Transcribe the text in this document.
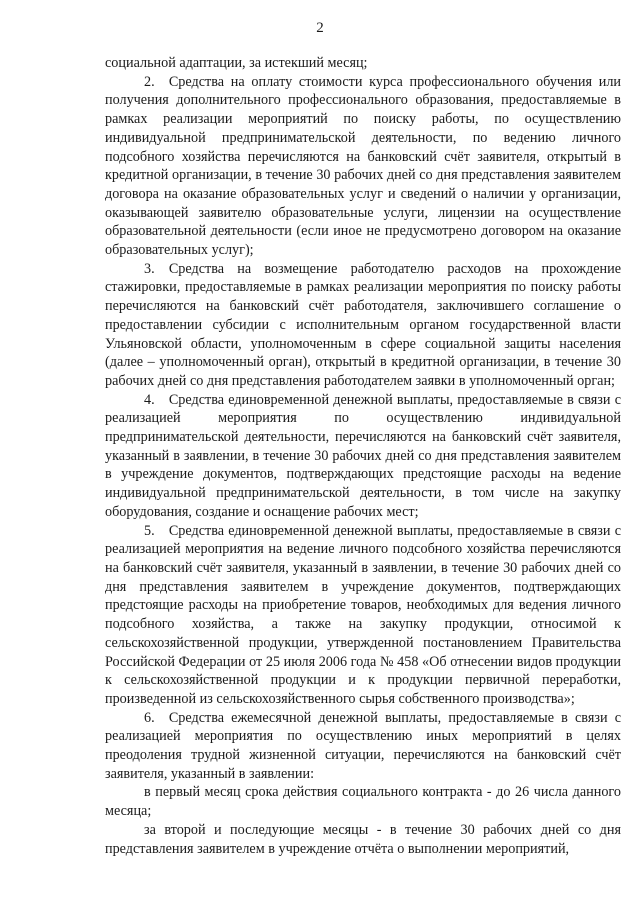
2

социальной адаптации, за истекший месяц;

2. Средства на оплату стоимости курса профессионального обучения или получения дополнительного профессионального образования, предоставляемые в рамках реализации мероприятий по поиску работы, по осуществлению индивидуальной предпринимательской деятельности, по ведению личного подсобного хозяйства перечисляются на банковский счёт заявителя, открытый в кредитной организации, в течение 30 рабочих дней со дня представления заявителем договора на оказание образовательных услуг и сведений о наличии у организации, оказывающей заявителю образовательные услуги, лицензии на осуществление образовательной деятельности (если иное не предусмотрено договором на оказание образовательных услуг);

3. Средства на возмещение работодателю расходов на прохождение стажировки, предоставляемые в рамках реализации мероприятия по поиску работы перечисляются на банковский счёт работодателя, заключившего соглашение о предоставлении субсидии с исполнительным органом государственной власти Ульяновской области, уполномоченным в сфере социальной защиты населения (далее – уполномоченный орган), открытый в кредитной организации, в течение 30 рабочих дней со дня представления работодателем заявки в уполномоченный орган;

4. Средства единовременной денежной выплаты, предоставляемые в связи с реализацией мероприятия по осуществлению индивидуальной предпринимательской деятельности, перечисляются на банковский счёт заявителя, указанный в заявлении, в течение 30 рабочих дней со дня представления заявителем в учреждение документов, подтверждающих предстоящие расходы на ведение индивидуальной предпринимательской деятельности, в том числе на закупку оборудования, создание и оснащение рабочих мест;

5. Средства единовременной денежной выплаты, предоставляемые в связи с реализацией мероприятия на ведение личного подсобного хозяйства перечисляются на банковский счёт заявителя, указанный в заявлении, в течение 30 рабочих дней со дня представления заявителем в учреждение документов, подтверждающих предстоящие расходы на приобретение товаров, необходимых для ведения личного подсобного хозяйства, а также на закупку продукции, относимой к сельскохозяйственной продукции, утвержденной постановлением Правительства Российской Федерации от 25 июля 2006 года № 458 «Об отнесении видов продукции к сельскохозяйственной продукции и к продукции первичной переработки, произведенной из сельскохозяйственного сырья собственного производства»;

6. Средства ежемесячной денежной выплаты, предоставляемые в связи с реализацией мероприятия по осуществлению иных мероприятий в целях преодоления трудной жизненной ситуации, перечисляются на банковский счёт заявителя, указанный в заявлении:

в первый месяц срока действия социального контракта - до 26 числа данного месяца;

за второй и последующие месяцы - в течение 30 рабочих дней со дня представления заявителем в учреждение отчёта о выполнении мероприятий,
